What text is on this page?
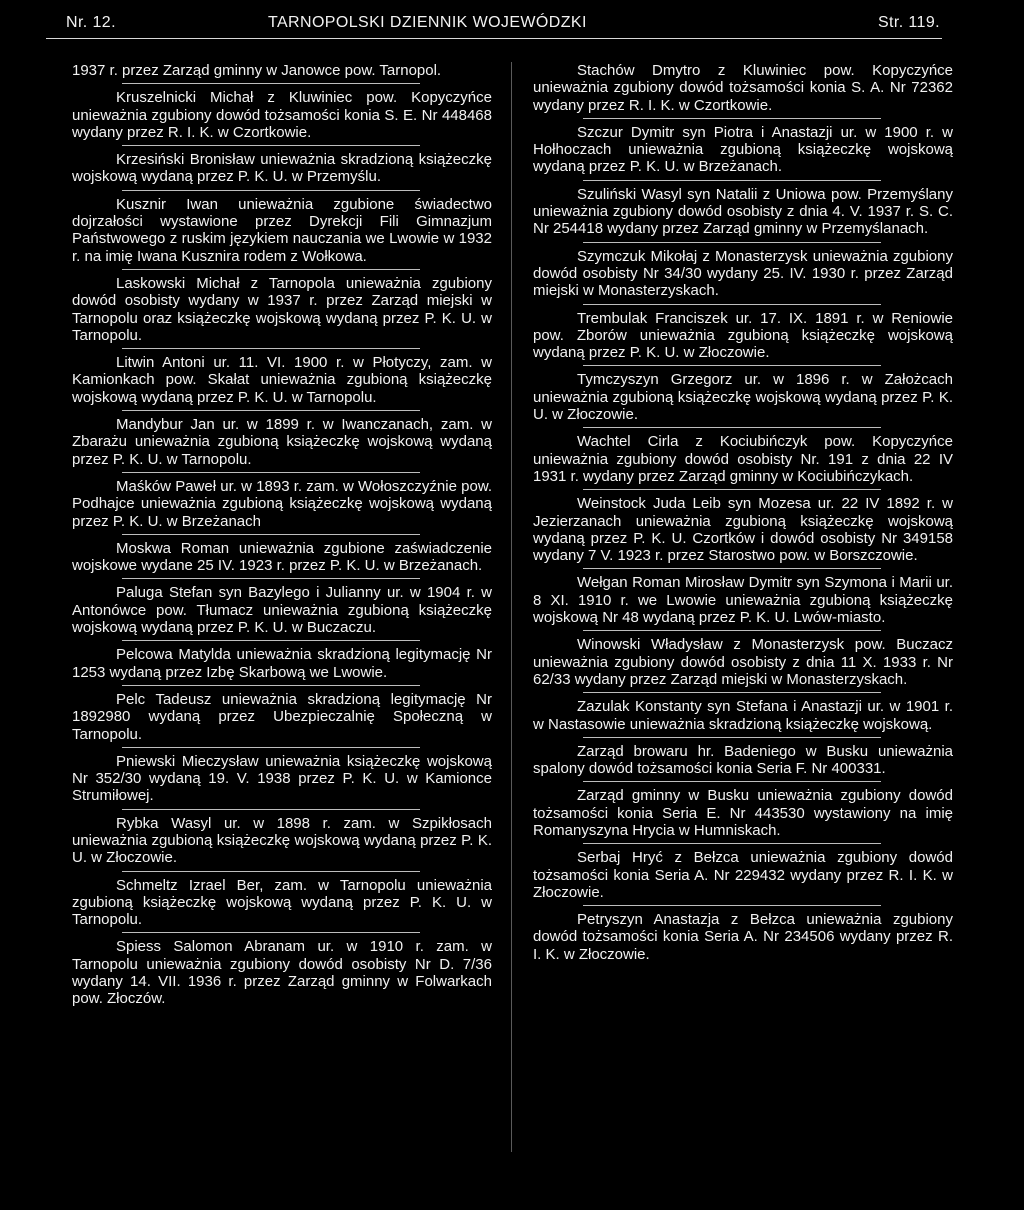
Nr. 12.	TARNOPOLSKI DZIENNIK WOJEWÓDZKI	Str. 119.

1937 r. przez Zarząd gminny w Janowce pow. Tarnopol.

Kruszelnicki Michał z Kluwiniec pow. Kopyczyńce unieważnia zgubiony dowód tożsamości konia S. E. Nr 448468 wydany przez R. I. K. w Czortkowie.

Krzesiński Bronisław unieważnia skradzioną książeczkę wojskową wydaną przez P. K. U. w Przemyślu.

Kusznir Iwan unieważnia zgubione świadectwo dojrzałości wystawione przez Dyrekcji Fili Gimnazjum Państwowego z ruskim językiem nauczania we Lwowie w 1932 r. na imię Iwana Kusznira rodem z Wołkowa.

Laskowski Michał z Tarnopola unieważnia zgubiony dowód osobisty wydany w 1937 r. przez Zarząd miejski w Tarnopolu oraz książeczkę wojskową wydaną przez P. K. U. w Tarnopolu.

Litwin Antoni ur. 11. VI. 1900 r. w Płotyczy, zam. w Kamionkach pow. Skałat unieważnia zgubioną książeczkę wojskową wydaną przez P. K. U. w Tarnopolu.

Mandybur Jan ur. w 1899 r. w Iwanczanach, zam. w Zbarażu unieważnia zgubioną książeczkę wojskową wydaną przez P. K. U. w Tarnopolu.

Maśków Paweł ur. w 1893 r. zam. w Wołoszczyźnie pow. Podhajce unieważnia zgubioną książeczkę wojskową wydaną przez P. K. U. w Brzeżanach

Moskwa Roman unieważnia zgubione zaświadczenie wojskowe wydane 25 IV. 1923 r. przez P. K. U. w Brzeżanach.

Paluga Stefan syn Bazylego i Julianny ur. w 1904 r. w Antonówce pow. Tłumacz unieważnia zgubioną książeczkę wojskową wydaną przez P. K. U. w Buczaczu.

Pelcowa Matylda unieważnia skradzioną legitymację Nr 1253 wydaną przez Izbę Skarbową we Lwowie.

Pelc Tadeusz unieważnia skradzioną legitymację Nr 1892980 wydaną przez Ubezpieczalnię Społeczną w Tarnopolu.

Pniewski Mieczysław unieważnia książeczkę wojskową Nr 352/30 wydaną 19. V. 1938 przez P. K. U. w Kamionce Strumiłowej.

Rybka Wasyl ur. w 1898 r. zam. w Szpikłosach unieważnia zgubioną książeczkę wojskową wydaną przez P. K. U. w Złoczowie.

Schmeltz Izrael Ber, zam. w Tarnopolu unieważnia zgubioną książeczkę wojskową wydaną przez P. K. U. w Tarnopolu.

Spiess Salomon Abranam ur. w 1910 r. zam. w Tarnopolu unieważnia zgubiony dowód osobisty Nr D. 7/36 wydany 14. VII. 1936 r. przez Zarząd gminny w Folwarkach pow. Złoczów.

Stachów Dmytro z Kluwiniec pow. Kopyczyńce unieważnia zgubiony dowód tożsamości konia S. A. Nr 72362 wydany przez R. I. K. w Czortkowie.

Szczur Dymitr syn Piotra i Anastazji ur. w 1900 r. w Hołhoczach unieważnia zgubioną książeczkę wojskową wydaną przez P. K. U. w Brzeżanach.

Szuliński Wasyl syn Natalii z Uniowa pow. Przemyślany unieważnia zgubiony dowód osobisty z dnia 4. V. 1937 r. S. C. Nr 254418 wydany przez Zarząd gminny w Przemyślanach.

Szymczuk Mikołaj z Monasterzysk unieważnia zgubiony dowód osobisty Nr 34/30 wydany 25. IV. 1930 r. przez Zarząd miejski w Monasterzyskach.

Trembulak Franciszek ur. 17. IX. 1891 r. w Reniowie pow. Zborów unieważnia zgubioną książeczkę wojskową wydaną przez P. K. U. w Złoczowie.

Tymczyszyn Grzegorz ur. w 1896 r. w Założcach unieważnia zgubioną książeczkę wojskową wydaną przez P. K. U. w Złoczowie.

Wachtel Cirla z Kociubińczyk pow. Kopyczyńce unieważnia zgubiony dowód osobisty Nr. 191 z dnia 22 IV 1931 r. wydany przez Zarząd gminny w Kociubińczykach.

Weinstock Juda Leib syn Mozesa ur. 22 IV 1892 r. w Jezierzanach unieważnia zgubioną książeczkę wojskową wydaną przez P. K. U. Czortków i dowód osobisty Nr 349158 wydany 7 V. 1923 r. przez Starostwo pow. w Borszczowie.

Wełgan Roman Mirosław Dymitr syn Szymona i Marii ur. 8 XI. 1910 r. we Lwowie unieważnia zgubioną książeczkę wojskową Nr 48 wydaną przez P. K. U. Lwów-miasto.

Winowski Władysław z Monasterzysk pow. Buczacz unieważnia zgubiony dowód osobisty z dnia 11 X. 1933 r. Nr 62/33 wydany przez Zarząd miejski w Monasterzyskach.

Zazulak Konstanty syn Stefana i Anastazji ur. w 1901 r. w Nastasowie unieważnia skradzioną książeczkę wojskową.

Zarząd browaru hr. Badeniego w Busku unieważnia spalony dowód tożsamości konia Seria F. Nr 400331.

Zarząd gminny w Busku unieważnia zgubiony dowód tożsamości konia Seria E. Nr 443530 wystawiony na imię Romanyszyna Hrycia w Humniskach.

Serbaj Hryć z Bełzca unieważnia zgubiony dowód tożsamości konia Seria A. Nr 229432 wydany przez R. I. K. w Złoczowie.

Petryszyn Anastazja z Bełzca unieważnia zgubiony dowód tożsamości konia Seria A. Nr 234506 wydany przez R. I. K. w Złoczowie.
